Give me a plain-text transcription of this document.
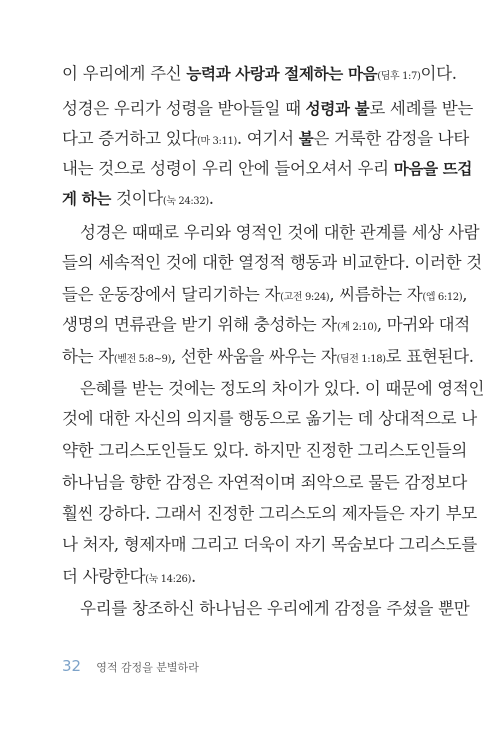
이 우리에게 주신 능력과 사랑과 절제하는 마음(딤후 1:7)이다.
성경은 우리가 성령을 받아들일 때 성령과 불로 세례를 받는
다고 증거하고 있다(마 3:11). 여기서 불은 거룩한 감정을 나타
내는 것으로 성령이 우리 안에 들어오셔서 우리 마음을 뜨겁
게 하는 것이다(눅 24:32).
성경은 때때로 우리와 영적인 것에 대한 관계를 세상 사람
들의 세속적인 것에 대한 열정적 행동과 비교한다. 이러한 것
들은 운동장에서 달리기하는 자(고전 9:24), 씨름하는 자(엡 6:12),
생명의 면류관을 받기 위해 충성하는 자(계 2:10), 마귀와 대적
하는 자(벧전 5:8~9), 선한 싸움을 싸우는 자(딤전 1:18)로 표현된다.
은혜를 받는 것에는 정도의 차이가 있다. 이 때문에 영적인
것에 대한 자신의 의지를 행동으로 옮기는 데 상대적으로 나
약한 그리스도인들도 있다. 하지만 진정한 그리스도인들의
하나님을 향한 감정은 자연적이며 죄악으로 물든 감정보다
훨씬 강하다. 그래서 진정한 그리스도의 제자들은 자기 부모
나 처자, 형제자매 그리고 더욱이 자기 목숨보다 그리스도를
더 사랑한다(눅 14:26).
우리를 창조하신 하나님은 우리에게 감정을 주셨을 뿐만
32 영적 감정을 분별하라
